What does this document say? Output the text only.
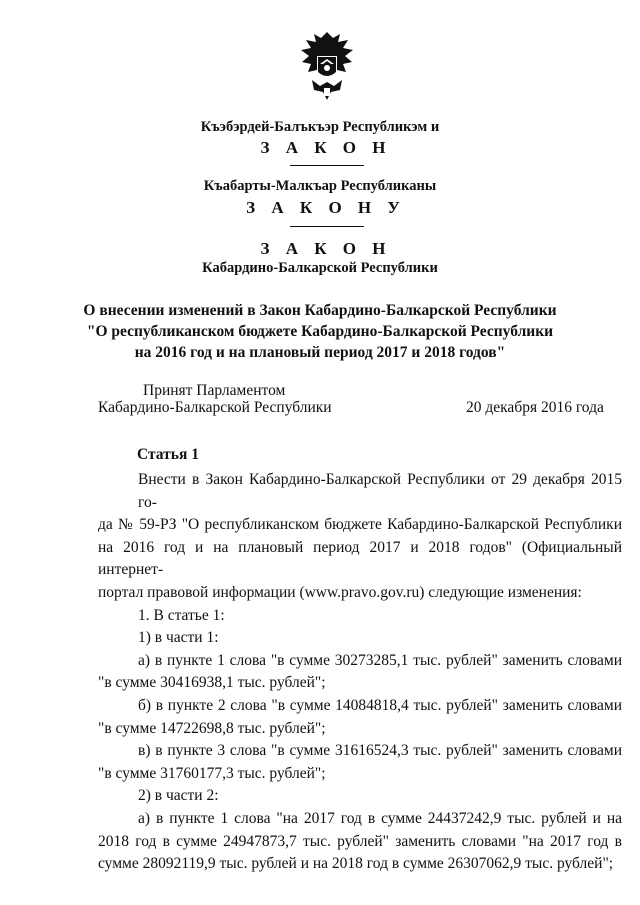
Къэбэрдей-Балъкъэр Республикэм и
З А К О Н
Къабарты-Малкъар Республиканы
З А К О Н У
З А К О Н
Кабардино-Балкарской Республики
О внесении изменений в Закон Кабардино-Балкарской Республики
"О республиканском бюджете Кабардино-Балкарской Республики
на 2016 год и на плановый период 2017 и 2018 годов"
Принят Парламентом
Кабардино-Балкарской Республики	20 декабря 2016 года
Статья 1
Внести в Закон Кабардино-Балкарской Республики от 29 декабря 2015 го-
да № 59-РЗ "О республиканском бюджете Кабардино-Балкарской Республики
на 2016 год и на плановый период 2017 и 2018 годов" (Официальный интернет-
портал правовой информации (www.pravo.gov.ru) следующие изменения:
1. В статье 1:
1) в части 1:
а) в пункте 1 слова "в сумме 30273285,1 тыс. рублей" заменить словами
"в сумме 30416938,1 тыс. рублей";
б) в пункте 2 слова "в сумме 14084818,4 тыс. рублей" заменить словами
"в сумме 14722698,8 тыс. рублей";
в) в пункте 3 слова "в сумме 31616524,3 тыс. рублей" заменить словами
"в сумме 31760177,3 тыс. рублей";
2) в части 2:
а) в пункте 1 слова "на 2017 год в сумме 24437242,9 тыс. рублей и на
2018 год в сумме 24947873,7 тыс. рублей" заменить словами "на 2017 год в
сумме 28092119,9 тыс. рублей и на 2018 год в сумме 26307062,9 тыс. рублей";
